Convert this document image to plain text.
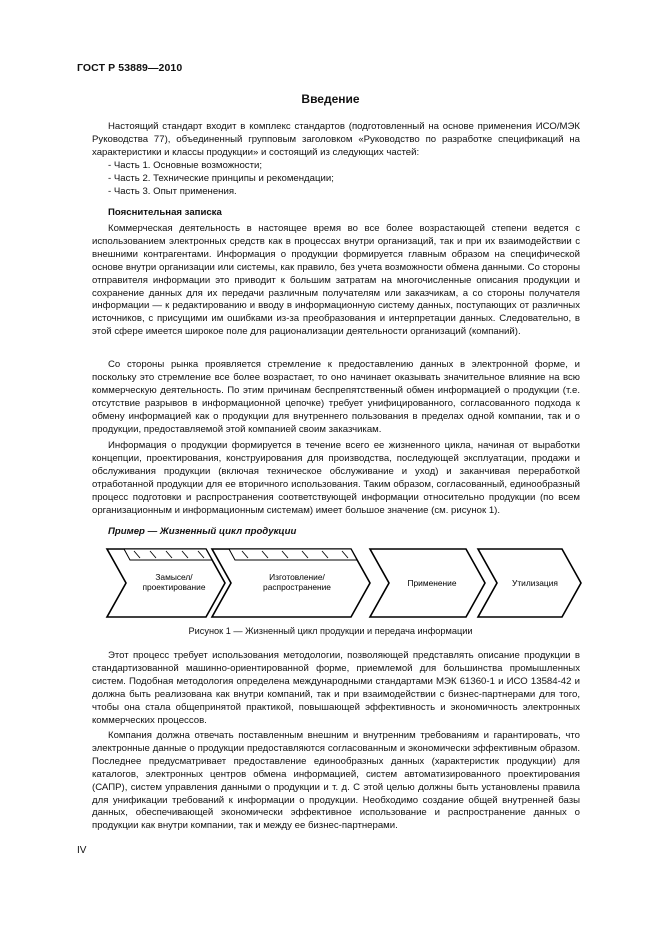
ГОСТ Р 53889—2010
Введение

Настоящий стандарт входит в комплекс стандартов (подготовленный на основе применения ИСО/МЭК Руководства 77), объединенный групповым заголовком «Руководство по разработке спецификаций на характеристики и классы продукции» и состоящий из следующих частей:

- Часть 1. Основные возможности;
- Часть 2. Технические принципы и рекомендации;
- Часть 3. Опыт применения.
Пояснительная записка

Коммерческая деятельность в настоящее время во все более возрастающей степени ведется с использованием электронных средств как в процессах внутри организаций, так и при их взаимодействии с внешними контрагентами. Информация о продукции формируется главным образом на специфической основе внутри организации или системы, как правило, без учета возможности обмена данными. Со стороны отправителя информации это приводит к большим затратам на многочисленные описания продукции и сохранение данных для их передачи различным получателям или заказчикам, а со стороны получателя информации — к редактированию и вводу в информационную систему данных, поступающих от различных источников, с присущими им ошибками из-за преобразования и интерпретации данных. Следовательно, в этой сфере имеется широкое поле для рационализации деятельности организаций (компаний).

Со стороны рынка проявляется стремление к предоставлению данных в электронной форме, и поскольку это стремление все более возрастает, то оно начинает оказывать значительное влияние на всю коммерческую деятельность. По этим причинам беспрепятственный обмен информацией о продукции (т.е. отсутствие разрывов в информационной цепочке) требует унифицированного, согласованного подхода к обмену информацией как о продукции для внутреннего пользования в пределах одной компании, так и о продукции, предоставляемой этой компанией своим заказчикам.

Информация о продукции формируется в течение всего ее жизненного цикла, начиная от выработки концепции, проектирования, конструирования для производства, последующей эксплуатации, продажи и обслуживания продукции (включая техническое обслуживание и уход) и заканчивая переработкой отработанной продукции для ее вторичного использования. Таким образом, согласованный, единообразный процесс подготовки и распространения соответствующей информации относительно продукции (по всем организационным и информационным системам) имеет большое значение (см. рисунок 1).

Пример — Жизненный цикл продукции
Замысел/
проектирование
Изготовление/
распространение	Применение	Утилизация
Рисунок 1 — Жизненный цикл продукции и передача информации

Этот процесс требует использования методологии, позволяющей представлять описание продукции в стандартизованной машинно-ориентированной форме, приемлемой для большинства промышленных систем. Подобная методология определена международными стандартами МЭК 61360-1 и ИСО 13584-42 и должна быть реализована как внутри компаний, так и при взаимодействии с бизнес-партнерами для того, чтобы она стала общепринятой практикой, повышающей эффективность и экономичность электронных коммерческих процессов.

Компания должна отвечать поставленным внешним и внутренним требованиям и гарантировать, что электронные данные о продукции предоставляются согласованным и экономически эффективным образом. Последнее предусматривает предоставление единообразных данных (характеристик продукции) для каталогов, электронных центров обмена информацией, систем автоматизированного проектирования (САПР), систем управления данными о продукции и т. д. С этой целью должны быть установлены правила для унификации требований к информации о продукции. Необходимо создание общей внутренней базы данных, обеспечивающей экономически эффективное использование и распространение данных о продукции как внутри компании, так и между ее бизнес-партнерами.

IV
